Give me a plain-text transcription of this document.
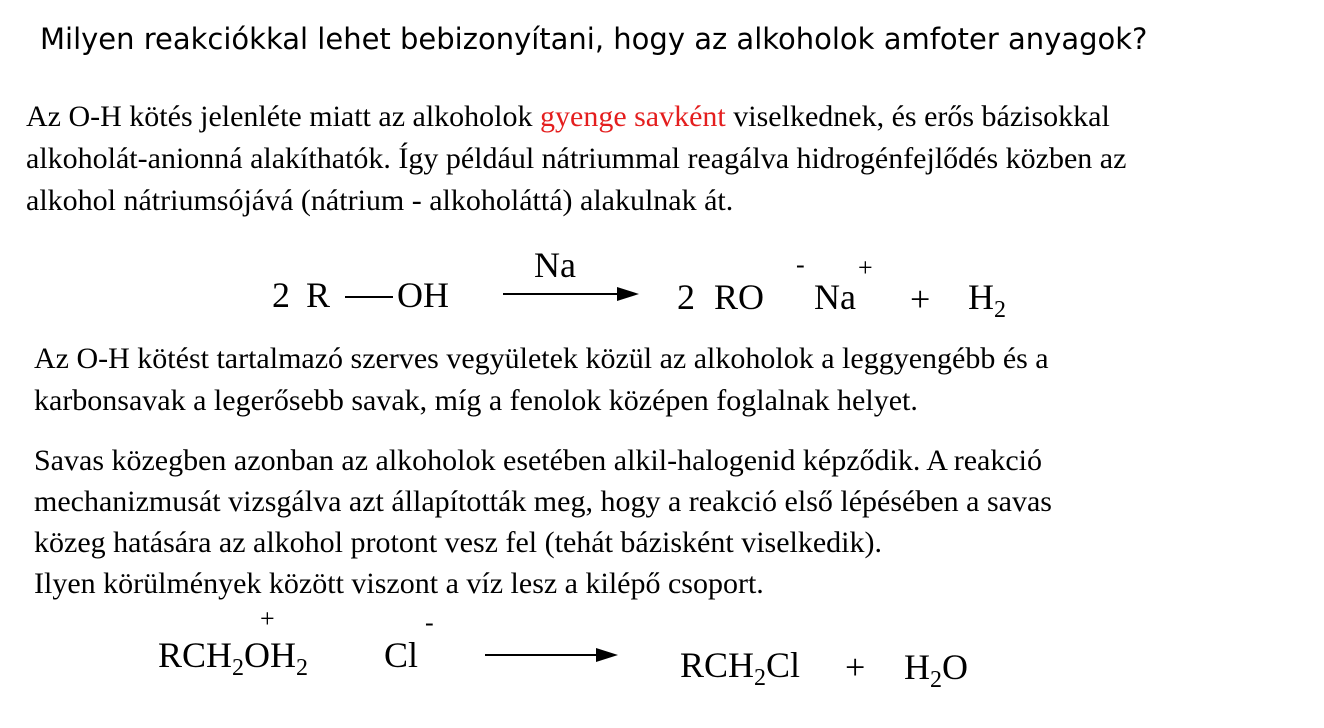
Milyen reakciókkal lehet bebizonyítani, hogy az alkoholok amfoter anyagok?
Az O-H kötés jelenléte miatt az alkoholok gyenge savként viselkednek, és erős bázisokkal
alkoholát-anionná alakíthatók. Így például nátriummal reagálva hidrogénfejlődés közben az
alkohol nátriumsójává (nátrium - alkoholáttá) alakulnak át.
2 R OH
Na
2 RO
-
Na
+
+ $H_2$
Az O-H kötést tartalmazó szerves vegyületek közül az alkoholok a leggyengébb és a
karbonsavak a legerősebb savak, míg a fenolok középen foglalnak helyet.
Savas közegben azonban az alkoholok esetében alkil-halogenid képződik. A reakció
mechanizmusát vizsgálva azt állapították meg, hogy a reakció első lépésében a savas
közeg hatására az alkohol protont vesz fel (tehát bázisként viselkedik).
Ilyen körülmények között viszont a víz lesz a kilépő csoport.
$RCH_2OH_2$
+
Cl
-
$RCH_2Cl + H_2O$
